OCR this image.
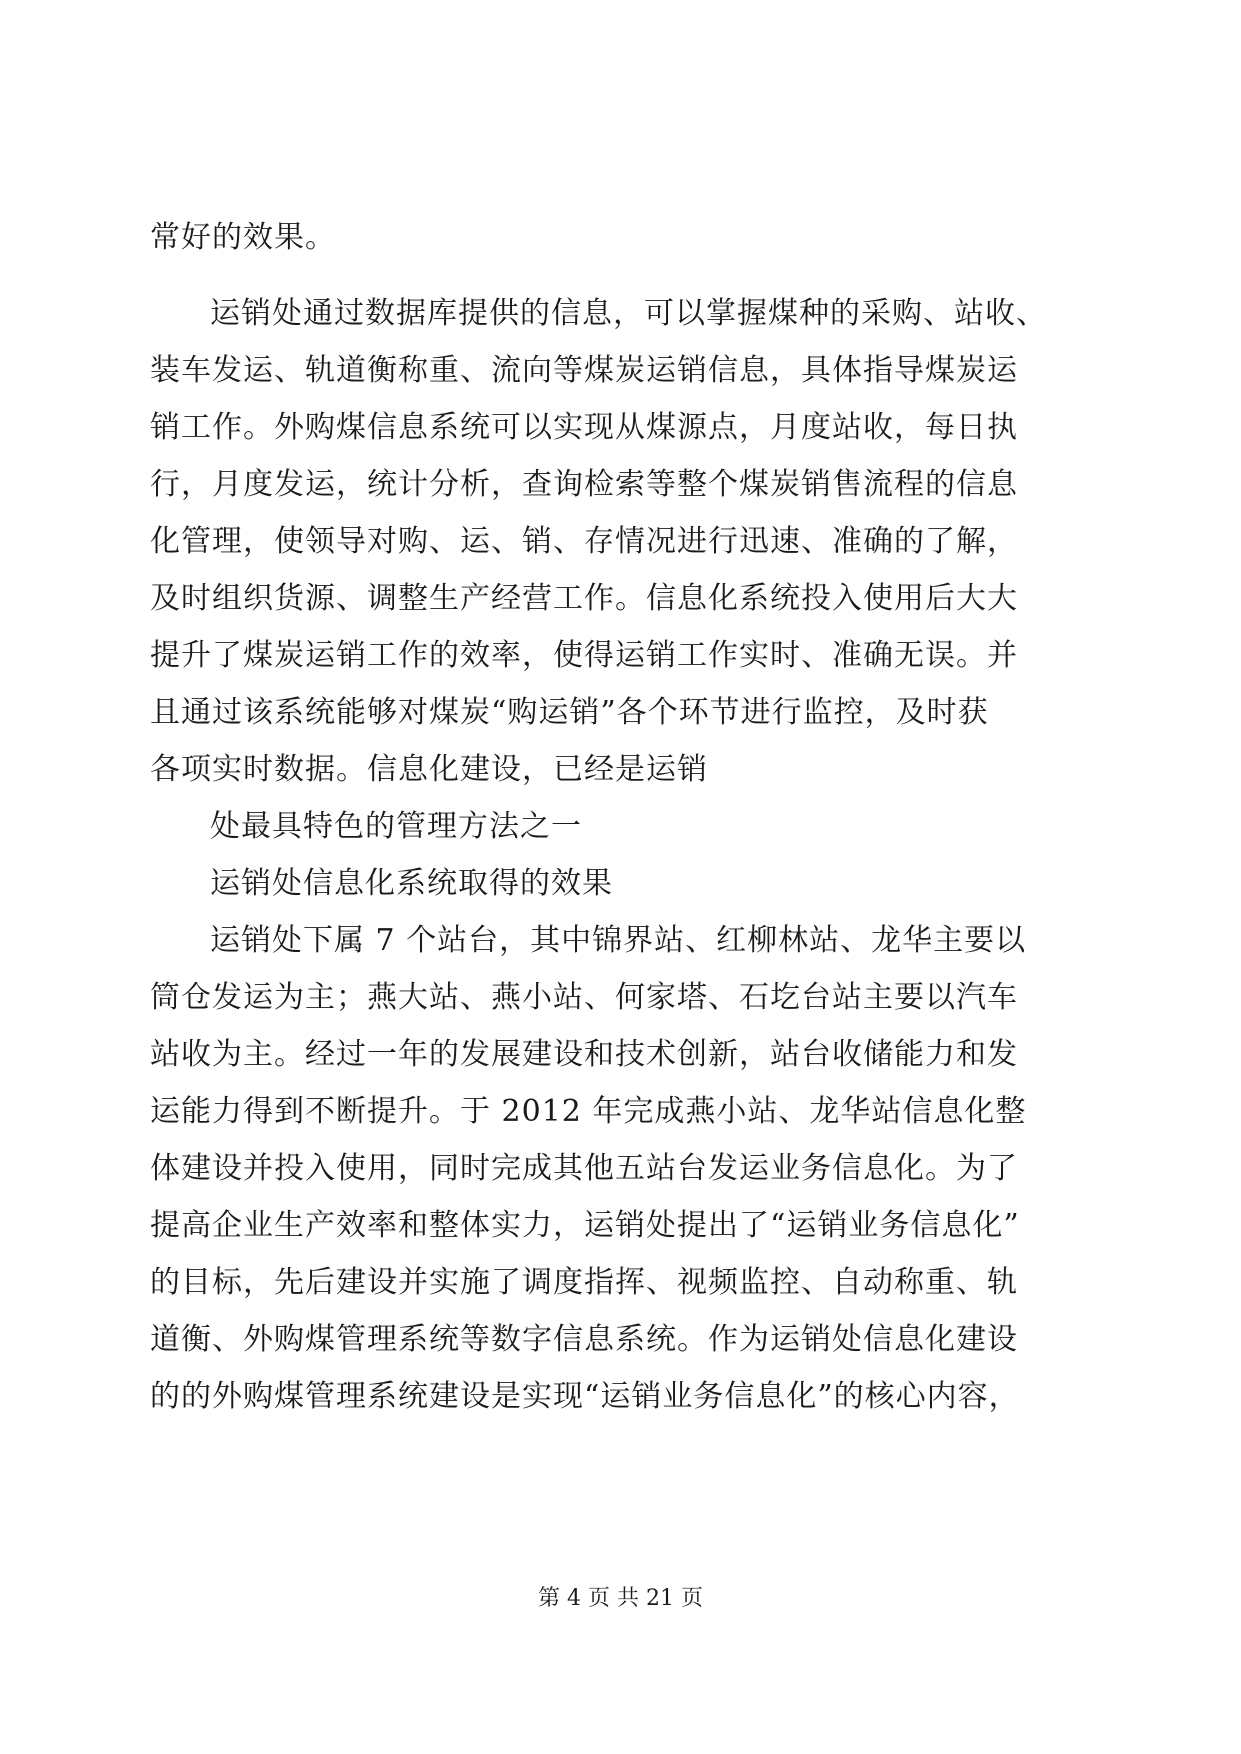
常好的效果。
运销处通过数据库提供的信息，可以掌握煤种的采购、站收、
装车发运、轨道衡称重、流向等煤炭运销信息，具体指导煤炭运
销工作。外购煤信息系统可以实现从煤源点，月度站收，每日执
行，月度发运，统计分析，查询检索等整个煤炭销售流程的信息
化管理，使领导对购、运、销、存情况进行迅速、准确的了解，
及时组织货源、调整生产经营工作。信息化系统投入使用后大大
提升了煤炭运销工作的效率，使得运销工作实时、准确无误。并
且通过该系统能够对煤炭“购运销”各个环节进行监控，及时获
各项实时数据。信息化建设，已经是运销
处最具特色的管理方法之一
运销处信息化系统取得的效果
运销处下属 7 个站台，其中锦界站、红柳林站、龙华主要以
筒仓发运为主；燕大站、燕小站、何家塔、石圪台站主要以汽车
站收为主。经过一年的发展建设和技术创新，站台收储能力和发
运能力得到不断提升。于 2012 年完成燕小站、龙华站信息化整
体建设并投入使用，同时完成其他五站台发运业务信息化。为了
提高企业生产效率和整体实力，运销处提出了“运销业务信息化”
的目标，先后建设并实施了调度指挥、视频监控、自动称重、轨
道衡、外购煤管理系统等数字信息系统。作为运销处信息化建设
的的外购煤管理系统建设是实现“运销业务信息化”的核心内容，
第 4 页 共 21 页
